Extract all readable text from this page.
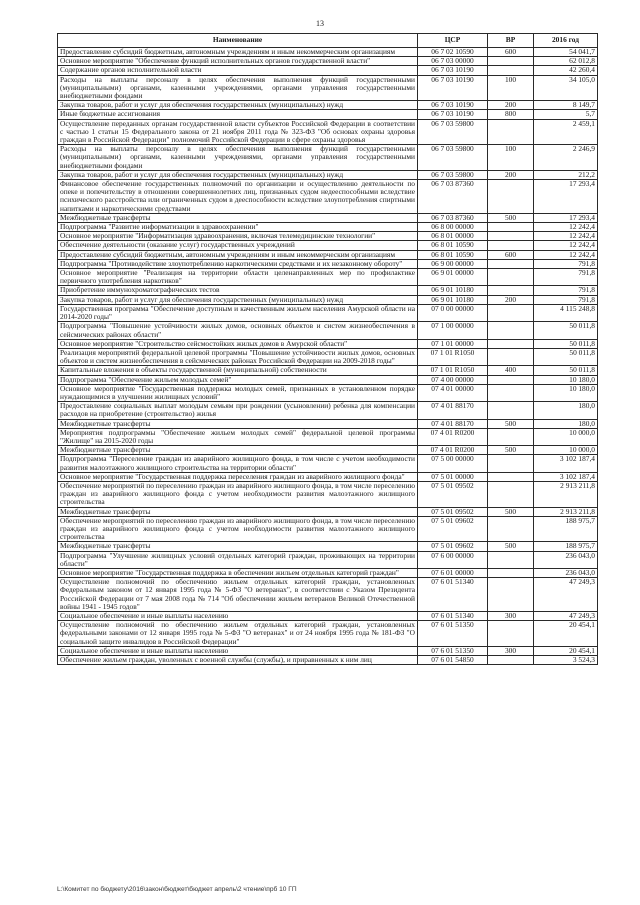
13
Наименование	ЦСР	ВР	2016 год
Предоставление субсидий бюджетным, автономным учреждениям и иным некоммерческим организациям	06 7 02 10590	600	54 041,7
Основное мероприятие "Обеспечение функций исполнительных органов государственной власти"	06 7 03 00000		62 012,8
Содержание органов исполнительной власти	06 7 03 10190		42 260,4
Расходы на выплаты персоналу в целях обеспечения выполнения функций государственными (муниципальными) органами, казенными учреждениями, органами управления государственными внебюджетными фондами	06 7 03 10190	100	34 105,0
Закупка товаров, работ и услуг для обеспечения государственных (муниципальных) нужд	06 7 03 10190	200	8 149,7
Иные бюджетные ассигнования	06 7 03 10190	800	5,7
Осуществление переданных органам государственной власти субъектов Российской Федерации в соответствии с частью 1 статьи 15 Федерального закона от 21 ноября 2011 года № 323-ФЗ "Об основах охраны здоровья граждан в Российской Федерации" полномочий Российской Федерации в сфере охраны здоровья	06 7 03 59800		2 459,1
Расходы на выплаты персоналу в целях обеспечения выполнения функций государственными (муниципальными) органами, казенными учреждениями, органами управления государственными внебюджетными фондами	06 7 03 59800	100	2 246,9
Закупка товаров, работ и услуг для обеспечения государственных (муниципальных) нужд	06 7 03 59800	200	212,2
Финансовое обеспечение государственных полномочий по организации и осуществлению деятельности по опеке и попечительству в отношении совершеннолетних лиц, признанных судом недееспособными вследствие психического расстройства или ограниченных судом в дееспособности вследствие злоупотребления спиртными напитками и наркотическими средствами	06 7 03 87360		17 293,4
Межбюджетные трансферты	06 7 03 87360	500	17 293,4
Подпрограмма "Развитие информатизации в здравоохранении"	06 8 00 00000		12 242,4
Основное мероприятие "Информатизация здравоохранения, включая телемедицинские технологии"	06 8 01 00000		12 242,4
Обеспечение деятельности (оказание услуг) государственных учреждений	06 8 01 10590		12 242,4
Предоставление субсидий бюджетным, автономным учреждениям и иным некоммерческим организациям	06 8 01 10590	600	12 242,4
Подпрограмма "Противодействие злоупотреблению наркотическими средствами и их незаконному обороту"	06 9 00 00000		791,8
Основное мероприятие "Реализация на территории области целенаправленных мер по профилактике первичного употребления наркотиков"	06 9 01 00000		791,8
Приобретение иммунохроматографических тестов	06 9 01 10180		791,8
Закупка товаров, работ и услуг для обеспечения государственных (муниципальных) нужд	06 9 01 10180	200	791,8
Государственная программа "Обеспечение доступным и качественным жильем населения Амурской области на 2014-2020 годы"	07 0 00 00000		4 115 248,8
Подпрограмма "Повышение устойчивости жилых домов, основных объектов и систем жизнеобеспечения в сейсмических районах области"	07 1 00 00000		50 011,8
Основное мероприятие "Строительство сейсмостойких жилых домов в Амурской области"	07 1 01 00000		50 011,8
Реализация мероприятий федеральной целевой программы "Повышение устойчивости жилых домов, основных объектов и систем жизнеобеспечения в сейсмических районах Российской Федерации на 2009-2018 годы"	07 1 01 R1050		50 011,8
Капитальные вложения в объекты государственной (муниципальной) собственности	07 1 01 R1050	400	50 011,8
Подпрограмма "Обеспечение жильем молодых семей"	07 4 00 00000		10 180,0
Основное мероприятие "Государственная поддержка молодых семей, признанных в установленном порядке нуждающимися в улучшении жилищных условий"	07 4 01 00000		10 180,0
Предоставление социальных выплат молодым семьям при рождении (усыновлении) ребенка для компенсации расходов на приобретение (строительство) жилья	07 4 01 88170		180,0
Межбюджетные трансферты	07 4 01 88170	500	180,0
Мероприятия подпрограммы "Обеспечение жильем молодых семей" федеральной целевой программы "Жилище" на 2015-2020 годы	07 4 01 R0200		10 000,0
Межбюджетные трансферты	07 4 01 R0200	500	10 000,0
Подпрограмма "Переселение граждан из аварийного жилищного фонда, в том числе с учетом необходимости развития малоэтажного жилищного строительства на территории области"	07 5 00 00000		3 102 187,4
Основное мероприятие "Государственная поддержка переселения граждан из аварийного жилищного фонда"	07 5 01 00000		3 102 187,4
Обеспечение мероприятий по переселению граждан из аварийного жилищного фонда, в том числе переселению граждан из аварийного жилищного фонда с учетом необходимости развития малоэтажного жилищного строительства	07 5 01 09502		2 913 211,8
Межбюджетные трансферты	07 5 01 09502	500	2 913 211,8
Обеспечение мероприятий по переселению граждан из аварийного жилищного фонда, в том числе переселению граждан из аварийного жилищного фонда с учетом необходимости развития малоэтажного жилищного строительства	07 5 01 09602		188 975,7
Межбюджетные трансферты	07 5 01 09602	500	188 975,7
Подпрограмма "Улучшение жилищных условий отдельных категорий граждан, проживающих на территории области"	07 6 00 00000		236 043,0
Основное мероприятие "Государственная поддержка в обеспечении жильем отдельных категорий граждан"	07 6 01 00000		236 043,0
Осуществление полномочий по обеспечению жильем отдельных категорий граждан, установленных Федеральным законом от 12 января 1995 года № 5-ФЗ "О ветеранах", в соответствии с Указом Президента Российской Федерации от 7 мая 2008 года № 714 "Об обеспечении жильем ветеранов Великой Отечественной войны 1941 - 1945 годов"	07 6 01 51340		47 249,3
Социальное обеспечение и иные выплаты населению	07 6 01 51340	300	47 249,3
Осуществление полномочий по обеспечению жильем отдельных категорий граждан, установленных федеральными законами от 12 января 1995 года № 5-ФЗ "О ветеранах" и от 24 ноября 1995 года № 181-ФЗ "О социальной защите инвалидов в Российской Федерации"	07 6 01 51350		20 454,1
Социальное обеспечение и иные выплаты населению	07 6 01 51350	300	20 454,1
Обеспечение жильем граждан, уволенных с военной службы (службы), и приравненных к ним лиц	07 6 01 54850		3 524,3
L:\Комитет по бюджету\2016\закон\бюджет\бюджет апрель\2 чтение\прб 10 ГП
